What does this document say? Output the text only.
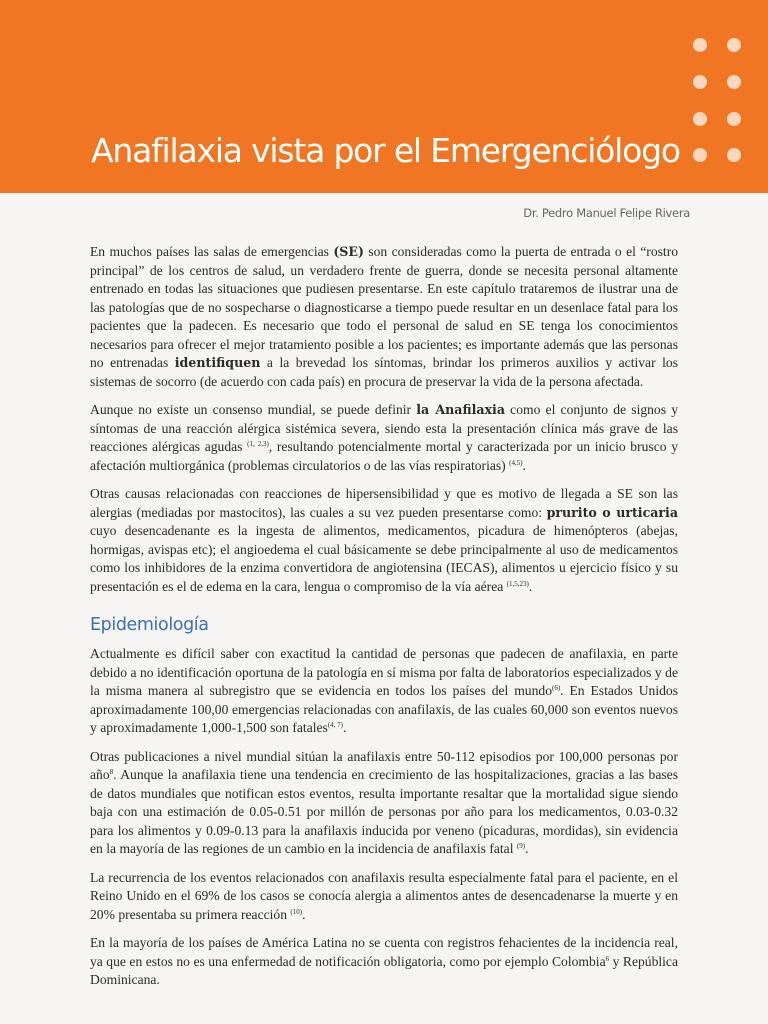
Anafilaxia vista por el Emergenciólogo
Dr. Pedro Manuel Felipe Rivera

En muchos países las salas de emergencias (SE) son consideradas como la puerta de entrada o el “rostro principal” de los centros de salud, un verdadero frente de guerra, donde se necesita personal altamente entrenado en todas las situaciones que pudiesen presentarse. En este capítulo trataremos de ilustrar una de las patologías que de no sospecharse o diagnosticarse a tiempo puede resultar en un desenlace fatal para los pacientes que la padecen. Es necesario que todo el personal de salud en SE tenga los conocimientos necesarios para ofrecer el mejor tratamiento posible a los pacientes; es importante además que las personas no entrenadas identifiquen a la brevedad los síntomas, brindar los primeros auxilios y activar los sistemas de socorro (de acuerdo con cada país) en procura de preservar la vida de la persona afectada.

Aunque no existe un consenso mundial, se puede definir la Anafilaxia como el conjunto de signos y síntomas de una reacción alérgica sistémica severa, siendo esta la presentación clínica más grave de las reacciones alérgicas agudas $^{(1, 2,3)}$, resultando potencialmente mortal y caracterizada por un inicio brusco y afectación multiorgánica (problemas circulatorios o de las vías respiratorias) $^{(4,5)}$.

Otras causas relacionadas con reacciones de hipersensibilidad y que es motivo de llegada a SE son las alergias (mediadas por mastocitos), las cuales a su vez pueden presentarse como: prurito o urticaria cuyo desencadenante es la ingesta de alimentos, medicamentos, picadura de himenópteros (abejas, hormigas, avispas etc); el angioedema el cual básicamente se debe principalmente al uso de medicamentos como los inhibidores de la enzima convertidora de angiotensina (IECAS), alimentos u ejercicio físico y su presentación es el de edema en la cara, lengua o compromiso de la vía aérea $^{(1,5,23)}$.

Epidemiología

Actualmente es difícil saber con exactitud la cantidad de personas que padecen de anafilaxia, en parte debido a no identificación oportuna de la patología en sí misma por falta de laboratorios especializados y de la misma manera al subregistro que se evidencia en todos los países del mundo$^{(6)}$. En Estados Unidos aproximadamente 100,00 emergencias relacionadas con anafilaxis, de las cuales 60,000 son eventos nuevos y aproximadamente 1,000-1,500 son fatales$^{(4, 7)}$.

Otras publicaciones a nivel mundial sitúan la anafilaxis entre 50-112 episodios por 100,000 personas por año$^8$. Aunque la anafilaxia tiene una tendencia en crecimiento de las hospitalizaciones, gracias a las bases de datos mundiales que notifican estos eventos, resulta importante resaltar que la mortalidad sigue siendo baja con una estimación de 0.05-0.51 por millón de personas por año para los medicamentos, 0.03-0.32 para los alimentos y 0.09-0.13 para la anafilaxis inducida por veneno (picaduras, mordidas), sin evidencia en la mayoría de las regiones de un cambio en la incidencia de anafilaxis fatal $^{(9)}$.

La recurrencia de los eventos relacionados con anafilaxis resulta especialmente fatal para el paciente, en el Reino Unido en el 69% de los casos se conocía alergia a alimentos antes de desencadenarse la muerte y en 20% presentaba su primera reacción $^{(10)}$.

En la mayoría de los países de América Latina no se cuenta con registros fehacientes de la incidencia real, ya que en estos no es una enfermedad de notificación obligatoria, como por ejemplo Colombia$^6$ y República Dominicana.
